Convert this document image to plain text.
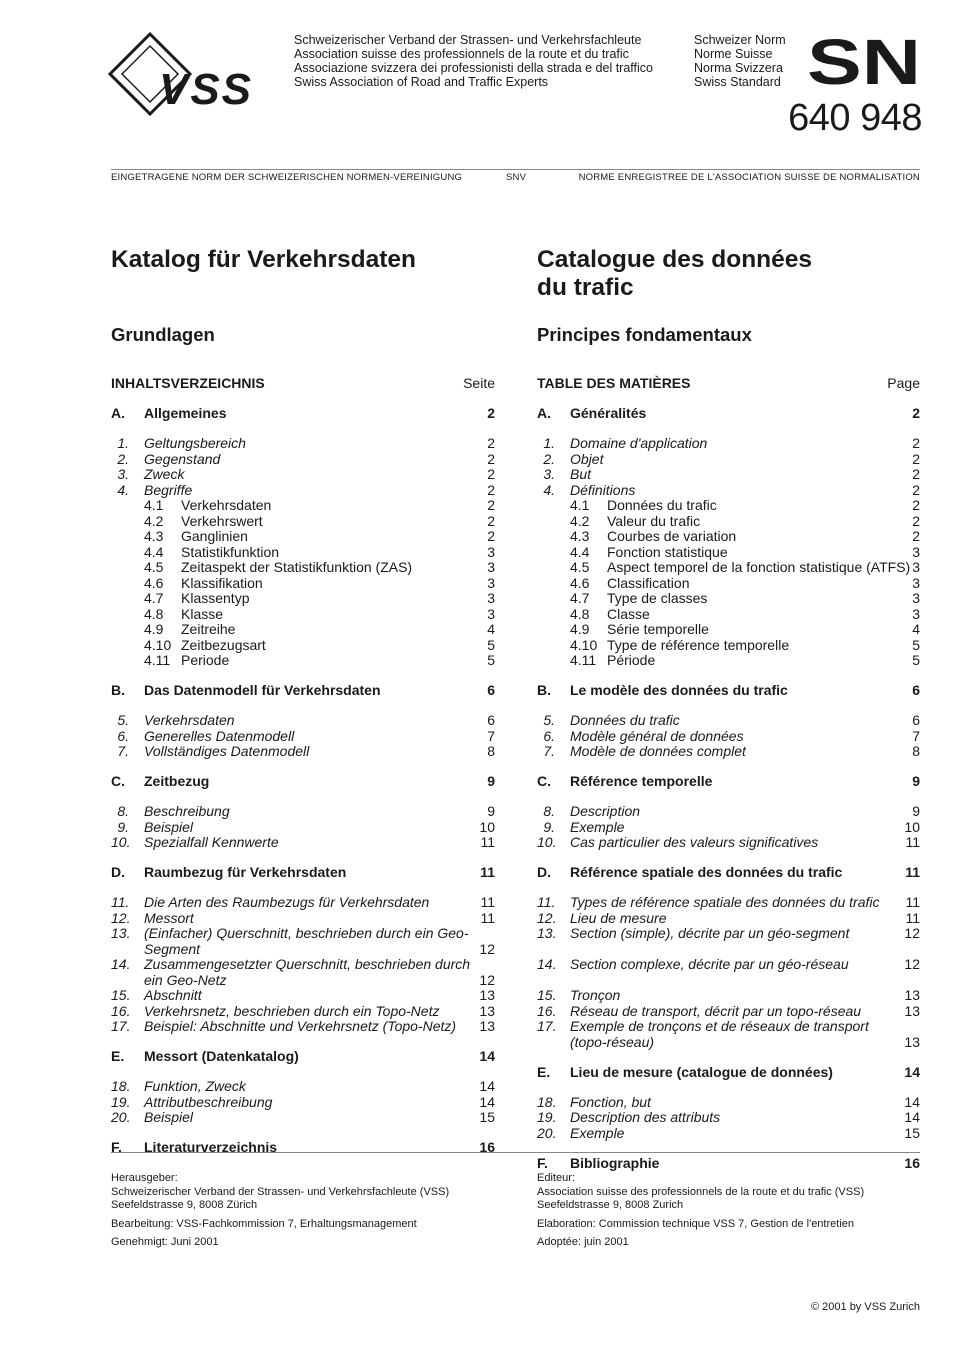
VSS
Schweizerischer Verband der Strassen- und Verkehrsfachleute
Association suisse des professionnels de la route et du trafic
Associazione svizzera dei professionisti della strada e del traffico
Swiss Association of Road and Traffic Experts
Schweizer Norm
Norme Suisse
Norma Svizzera
Swiss Standard SN
640 948
EINGETRAGENE NORM DER SCHWEIZERISCHEN NORMEN-VEREINIGUNG	SNV	NORME ENREGISTREE DE L'ASSOCIATION SUISSE DE NORMALISATION
Katalog für Verkehrsdaten
Grundlagen
INHALTSVERZEICHNIS	Seite
A. Allgemeines	2
1. Geltungsbereich	2
2. Gegenstand	2
3. Zweck	2
4. Begriffe	2
4.1 Verkehrsdaten	2
4.2 Verkehrswert	2
4.3 Ganglinien	2
4.4 Statistikfunktion	3
4.5 Zeitaspekt der Statistikfunktion (ZAS)	3
4.6 Klassifikation	3
4.7 Klassentyp	3
4.8 Klasse	3
4.9 Zeitreihe	4
4.10 Zeitbezugsart	5
4.11 Periode	5
B. Das Datenmodell für Verkehrsdaten	6
5. Verkehrsdaten	6
6. Generelles Datenmodell	7
7. Vollständiges Datenmodell	8
C. Zeitbezug	9
8. Beschreibung	9
9. Beispiel	10
10. Spezialfall Kennwerte	11
D. Raumbezug für Verkehrsdaten	11
11. Die Arten des Raumbezugs für Verkehrsdaten	11
12. Messort	11
13. (Einfacher) Querschnitt, beschrieben durch ein Geo-Segment	12
14. Zusammengesetzter Querschnitt, beschrieben durch ein Geo-Netz	12
15. Abschnitt	13
16. Verkehrsnetz, beschrieben durch ein Topo-Netz	13
17. Beispiel: Abschnitte und Verkehrsnetz (Topo-Netz) 13
E. Messort (Datenkatalog)	14
18. Funktion, Zweck	14
19. Attributbeschreibung	14
20. Beispiel	15
F. Literaturverzeichnis	16
Catalogue des données
du trafic
Principes fondamentaux
TABLE DES MATIÈRES	Page
A. Généralités	2
1. Domaine d'application	2
2. Objet	2
3. But	2
4. Définitions	2
4.1 Données du trafic	2
4.2 Valeur du trafic	2
4.3 Courbes de variation	2
4.4 Fonction statistique	3
4.5 Aspect temporel de la fonction statistique (ATFS) 3
4.6 Classification	3
4.7 Type de classes	3
4.8 Classe	3
4.9 Série temporelle	4
4.10 Type de référence temporelle	5
4.11 Période	5
B. Le modèle des données du trafic	6
5. Données du trafic	6
6. Modèle général de données	7
7. Modèle de données complet	8
C. Référence temporelle	9
8. Description	9
9. Exemple	10
10. Cas particulier des valeurs significatives	11
D. Référence spatiale des données du trafic	11
11. Types de référence spatiale des données du trafic 11
12. Lieu de mesure	11
13. Section (simple), décrite par un géo-segment	12
14. Section complexe, décrite par un géo-réseau	12
15. Tronçon	13
16. Réseau de transport, décrit par un topo-réseau	13
17. Exemple de tronçons et de réseaux de transport (topo-réseau)	13
E. Lieu de mesure (catalogue de données)	14
18. Fonction, but	14
19. Description des attributs	14
20. Exemple	15
F. Bibliographie	16

Herausgeber:
Schweizerischer Verband der Strassen- und Verkehrsfachleute (VSS)
Seefeldstrasse 9, 8008 Zürich

Bearbeitung: VSS-Fachkommission 7, Erhaltungsmanagement

Genehmigt: Juni 2001

Editeur:
Association suisse des professionnels de la route et du trafic (VSS)
Seefeldstrasse 9, 8008 Zurich

Elaboration: Commission technique VSS 7, Gestion de l'entretien

Adoptée: juin 2001

© 2001 by VSS Zurich
